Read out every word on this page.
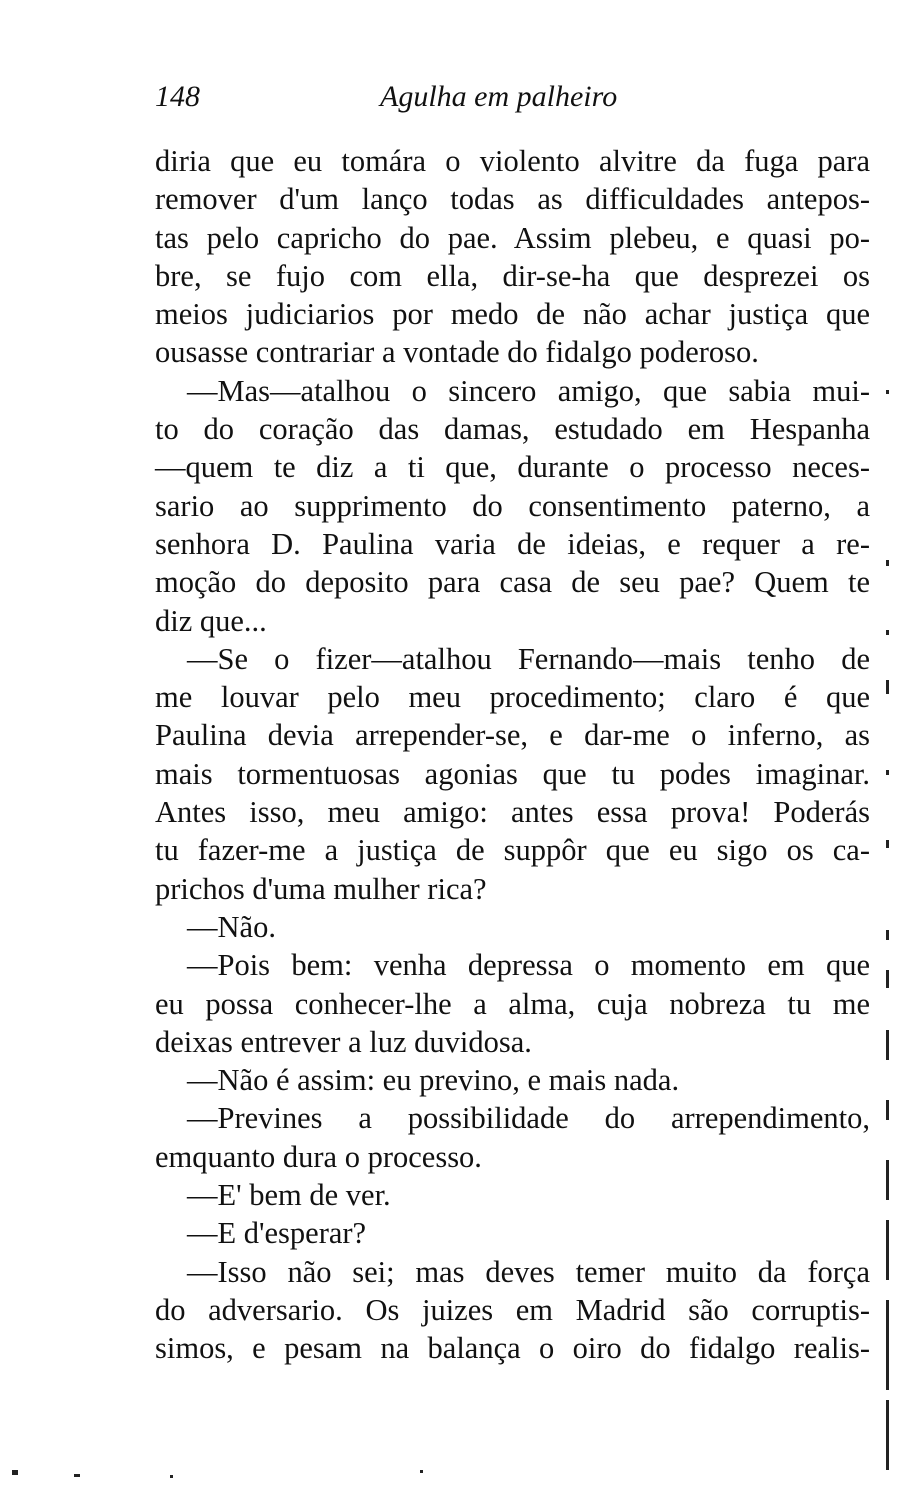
148	Agulha em palheiro
diria que eu tomára o violento alvitre da fuga para
remover d'um lanço todas as difficuldades antepos-
tas pelo capricho do pae. Assim plebeu, e quasi po-
bre, se fujo com ella, dir-se-ha que desprezei os
meios judiciarios por medo de não achar justiça que
ousasse contrariar a vontade do fidalgo poderoso.
—Mas—atalhou o sincero amigo, que sabia mui-
to do coração das damas, estudado em Hespanha
—quem te diz a ti que, durante o processo neces-
sario ao supprimento do consentimento paterno, a
senhora D. Paulina varia de ideias, e requer a re-
moção do deposito para casa de seu pae? Quem te
diz que...
—Se o fizer—atalhou Fernando—mais tenho de
me louvar pelo meu procedimento; claro é que
Paulina devia arrepender-se, e dar-me o inferno, as
mais tormentuosas agonias que tu podes imaginar.
Antes isso, meu amigo: antes essa prova! Poderás
tu fazer-me a justiça de suppôr que eu sigo os ca-
prichos d'uma mulher rica?
—Não.
—Pois bem: venha depressa o momento em que
eu possa conhecer-lhe a alma, cuja nobreza tu me
deixas entrever a luz duvidosa.
—Não é assim: eu previno, e mais nada.
—Prevines a possibilidade do arrependimento,
emquanto dura o processo.
—E' bem de ver.
—E d'esperar?
—Isso não sei; mas deves temer muito da força
do adversario. Os juizes em Madrid são corruptis-
simos, e pesam na balança o oiro do fidalgo realis-
